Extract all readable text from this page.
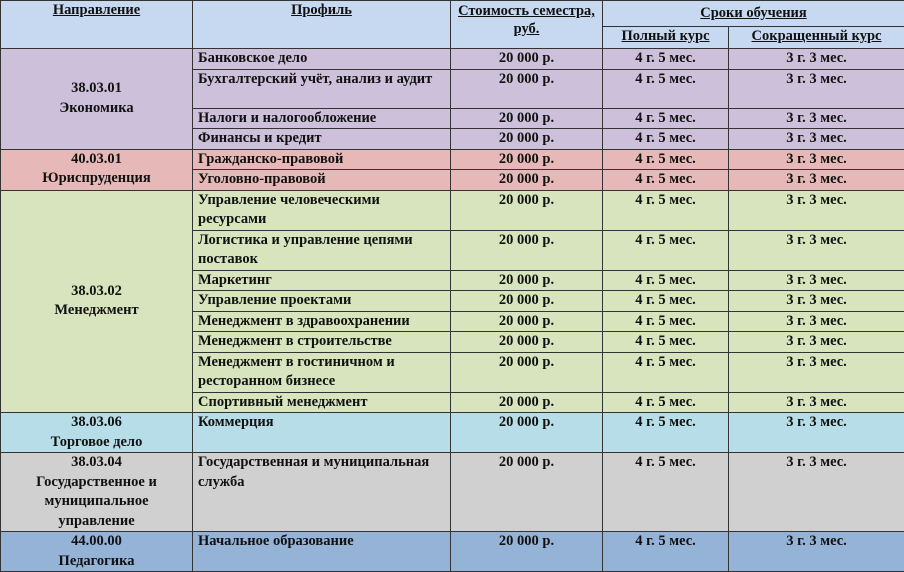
Направление	Профиль	Стоимость семестра, руб.	Сроки обучения	
			Полный курс	Сокращенный курс

38.03.01
Экономика	Банковское дело	20 000 р.	4 г. 5 мес.	3 г. 3 мес.
	Бухгалтерский учёт, анализ и аудит	20 000 р.	4 г. 5 мес.	3 г. 3 мес.
	Налоги и налогообложение	20 000 р.	4 г. 5 мес.	3 г. 3 мес.
	Финансы и кредит	20 000 р.	4 г. 5 мес.	3 г. 3 мес.

40.03.01
Юриспруденция	Гражданско-правовой	20 000 р.	4 г. 5 мес.	3 г. 3 мес.
	Уголовно-правовой	20 000 р.	4 г. 5 мес.	3 г. 3 мес.

38.03.02
Менеджмент	Управление человеческими ресурсами	20 000 р.	4 г. 5 мес.	3 г. 3 мес.
	Логистика и управление цепями поставок	20 000 р.	4 г. 5 мес.	3 г. 3 мес.
	Маркетинг	20 000 р.	4 г. 5 мес.	3 г. 3 мес.
	Управление проектами	20 000 р.	4 г. 5 мес.	3 г. 3 мес.
	Менеджмент в здравоохранении	20 000 р.	4 г. 5 мес.	3 г. 3 мес.
	Менеджмент в строительстве	20 000 р.	4 г. 5 мес.	3 г. 3 мес.
	Менеджмент в гостиничном и ресторанном бизнесе	20 000 р.	4 г. 5 мес.	3 г. 3 мес.
	Спортивный менеджмент	20 000 р.	4 г. 5 мес.	3 г. 3 мес.

38.03.06
Торговое дело	Коммерция	20 000 р.	4 г. 5 мес.	3 г. 3 мес.

38.03.04
Государственное и муниципальное управление	Государственная и муниципальная служба	20 000 р.	4 г. 5 мес.	3 г. 3 мес.

44.00.00
Педагогика	Начальное образование	20 000 р.	4 г. 5 мес.	3 г. 3 мес.
